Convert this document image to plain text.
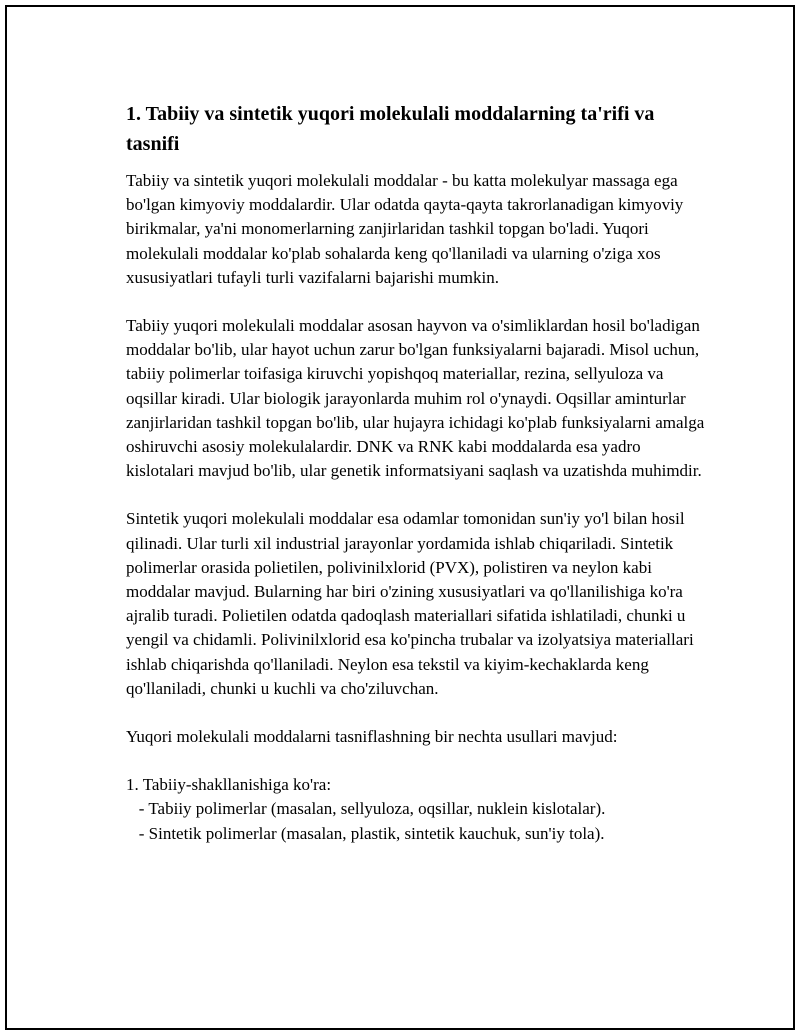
1. Tabiiy va sintetik yuqori molekulali moddalarning ta'rifi va tasnifi

Tabiiy va sintetik yuqori molekulali moddalar - bu katta molekulyar massaga ega bo'lgan kimyoviy moddalardir. Ular odatda qayta-qayta takrorlanadigan kimyoviy birikmalar, ya'ni monomerlarning zanjirlaridan tashkil topgan bo'ladi. Yuqori molekulali moddalar ko'plab sohalarda keng qo'llaniladi va ularning o'ziga xos xususiyatlari tufayli turli vazifalarni bajarishi mumkin.

Tabiiy yuqori molekulali moddalar asosan hayvon va o'simliklardan hosil bo'ladigan moddalar bo'lib, ular hayot uchun zarur bo'lgan funksiyalarni bajaradi. Misol uchun, tabiiy polimerlar toifasiga kiruvchi yopishqoq materiallar, rezina, sellyuloza va oqsillar kiradi. Ular biologik jarayonlarda muhim rol o'ynaydi. Oqsillar aminturlar zanjirlaridan tashkil topgan bo'lib, ular hujayra ichidagi ko'plab funksiyalarni amalga oshiruvchi asosiy molekulalardir. DNK va RNK kabi moddalarda esa yadro kislotalari mavjud bo'lib, ular genetik informatsiyani saqlash va uzatishda muhimdir.

Sintetik yuqori molekulali moddalar esa odamlar tomonidan sun'iy yo'l bilan hosil qilinadi. Ular turli xil industrial jarayonlar yordamida ishlab chiqariladi. Sintetik polimerlar orasida polietilen, polivinilxlorid (PVX), polistiren va neylon kabi moddalar mavjud. Bularning har biri o'zining xususiyatlari va qo'llanilishiga ko'ra ajralib turadi. Polietilen odatda qadoqlash materiallari sifatida ishlatiladi, chunki u yengil va chidamli. Polivinilxlorid esa ko'pincha trubalar va izolyatsiya materiallari ishlab chiqarishda qo'llaniladi. Neylon esa tekstil va kiyim-kechaklarda keng qo'llaniladi, chunki u kuchli va cho'ziluvchan.

Yuqori molekulali moddalarni tasniflashning bir nechta usullari mavjud:

1. Tabiiy-shakllanishiga ko'ra:
- Tabiiy polimerlar (masalan, sellyuloza, oqsillar, nuklein kislotalar).
- Sintetik polimerlar (masalan, plastik, sintetik kauchuk, sun'iy tola).
